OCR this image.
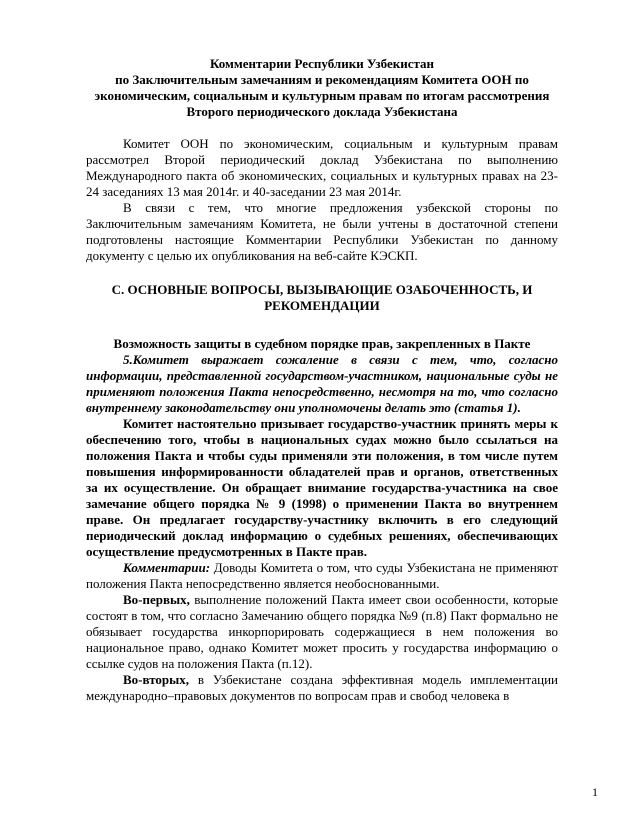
Комментарии Республики Узбекистан
по Заключительным замечаниям и рекомендациям Комитета ООН по экономическим, социальным и культурным правам по итогам рассмотрения Второго периодического доклада Узбекистана

Комитет ООН по экономическим, социальным и культурным правам рассмотрел Второй периодический доклад Узбекистана по выполнению Международного пакта об экономических, социальных и культурных правах на 23-24 заседаниях 13 мая 2014г. и 40-заседании 23 мая 2014г.

В связи с тем, что многие предложения узбекской стороны по Заключительным замечаниям Комитета, не были учтены в достаточной степени подготовлены настоящие Комментарии Республики Узбекистан по данному документу с целью их опубликования на веб-сайте КЭСКП.

С. ОСНОВНЫЕ ВОПРОСЫ, ВЫЗЫВАЮЩИЕ ОЗАБОЧЕННОСТЬ, И РЕКОМЕНДАЦИИ

Возможность защиты в судебном порядке прав, закрепленных в Пакте

5.Комитет выражает сожаление в связи с тем, что, согласно информации, представленной государством-участником, национальные суды не применяют положения Пакта непосредственно, несмотря на то, что согласно внутреннему законодательству они уполномочены делать это (статья 1).

Комитет настоятельно призывает государство-участник принять меры к обеспечению того, чтобы в национальных судах можно было ссылаться на положения Пакта и чтобы суды применяли эти положения, в том числе путем повышения информированности обладателей прав и органов, ответственных за их осуществление. Он обращает внимание государства-участника на свое замечание общего порядка № 9 (1998) о применении Пакта во внутреннем праве. Он предлагает государству-участнику включить в его следующий периодический доклад информацию о судебных решениях, обеспечивающих осуществление предусмотренных в Пакте прав.

Комментарии: Доводы Комитета о том, что суды Узбекистана не применяют положения Пакта непосредственно является необоснованными.

Во-первых, выполнение положений Пакта имеет свои особенности, которые состоят в том, что согласно Замечанию общего порядка №9 (п.8) Пакт формально не обязывает государства инкорпорировать содержащиеся в нем положения во национальное право, однако Комитет может просить у государства информацию о ссылке судов на положения Пакта (п.12).

Во-вторых, в Узбекистане создана эффективная модель имплементации международно–правовых документов по вопросам прав и свобод человека в

1
